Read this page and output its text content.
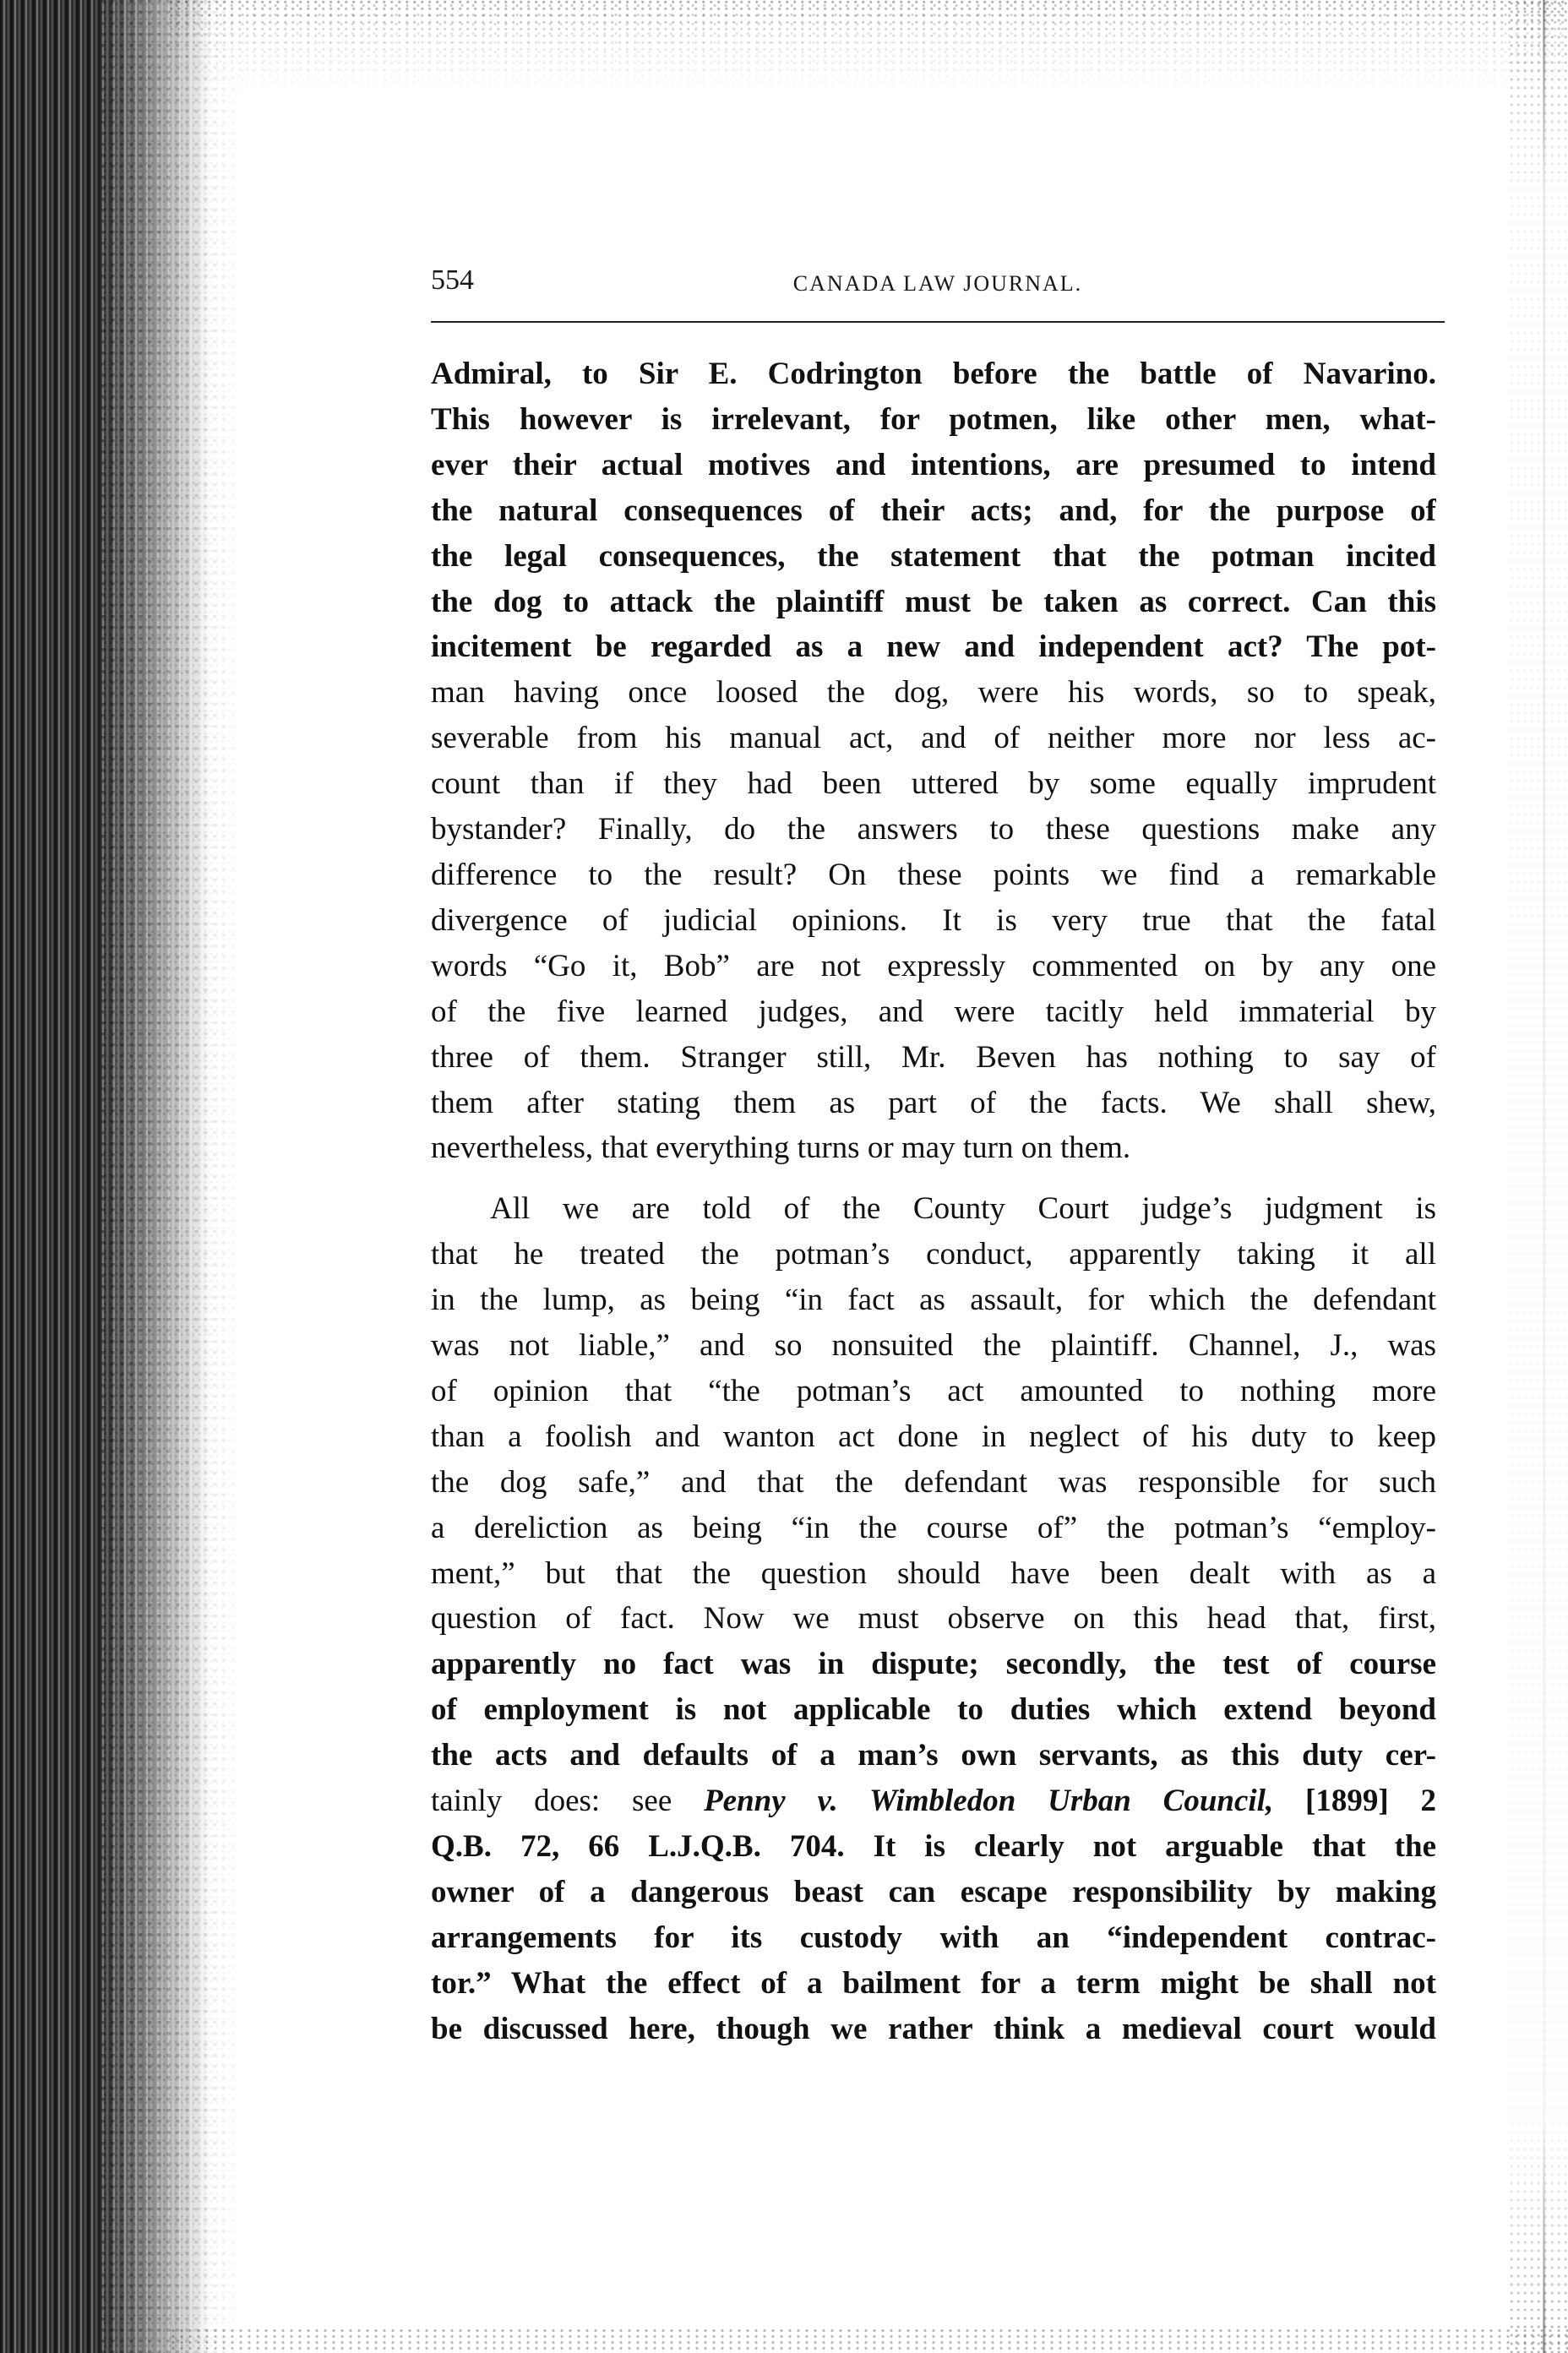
554	CANADA LAW JOURNAL.

Admiral, to Sir E. Codrington before the battle of Navarino.
This however is irrelevant, for potmen, like other men, what-
ever their actual motives and intentions, are presumed to intend
the natural consequences of their acts; and, for the purpose of
the legal consequences, the statement that the potman incited
the dog to attack the plaintiff must be taken as correct. Can this
incitement be regarded as a new and independent act? The pot-
man having once loosed the dog, were his words, so to speak,
severable from his manual act, and of neither more nor less ac-
count than if they had been uttered by some equally imprudent
bystander? Finally, do the answers to these questions make any
difference to the result? On these points we find a remarkable
divergence of judicial opinions. It is very true that the fatal
words “Go it, Bob” are not expressly commented on by any one
of the five learned judges, and were tacitly held immaterial by
three of them. Stranger still, Mr. Beven has nothing to say of
them after stating them as part of the facts. We shall shew,
nevertheless, that everything turns or may turn on them.

All we are told of the County Court judge’s judgment is
that he treated the potman’s conduct, apparently taking it all
in the lump, as being “in fact as assault, for which the defendant
was not liable,” and so nonsuited the plaintiff. Channel, J., was
of opinion that “the potman’s act amounted to nothing more
than a foolish and wanton act done in neglect of his duty to keep
the dog safe,” and that the defendant was responsible for such
a dereliction as being “in the course of” the potman’s “employ-
ment,” but that the question should have been dealt with as a
question of fact. Now we must observe on this head that, first,
apparently no fact was in dispute; secondly, the test of course
of employment is not applicable to duties which extend beyond
the acts and defaults of a man’s own servants, as this duty cer-
tainly does: see Penny v. Wimbledon Urban Council, [1899] 2
Q.B. 72, 66 L.J.Q.B. 704. It is clearly not arguable that the
owner of a dangerous beast can escape responsibility by making
arrangements for its custody with an “independent contrac-
tor.” What the effect of a bailment for a term might be shall not
be discussed here, though we rather think a medieval court would
